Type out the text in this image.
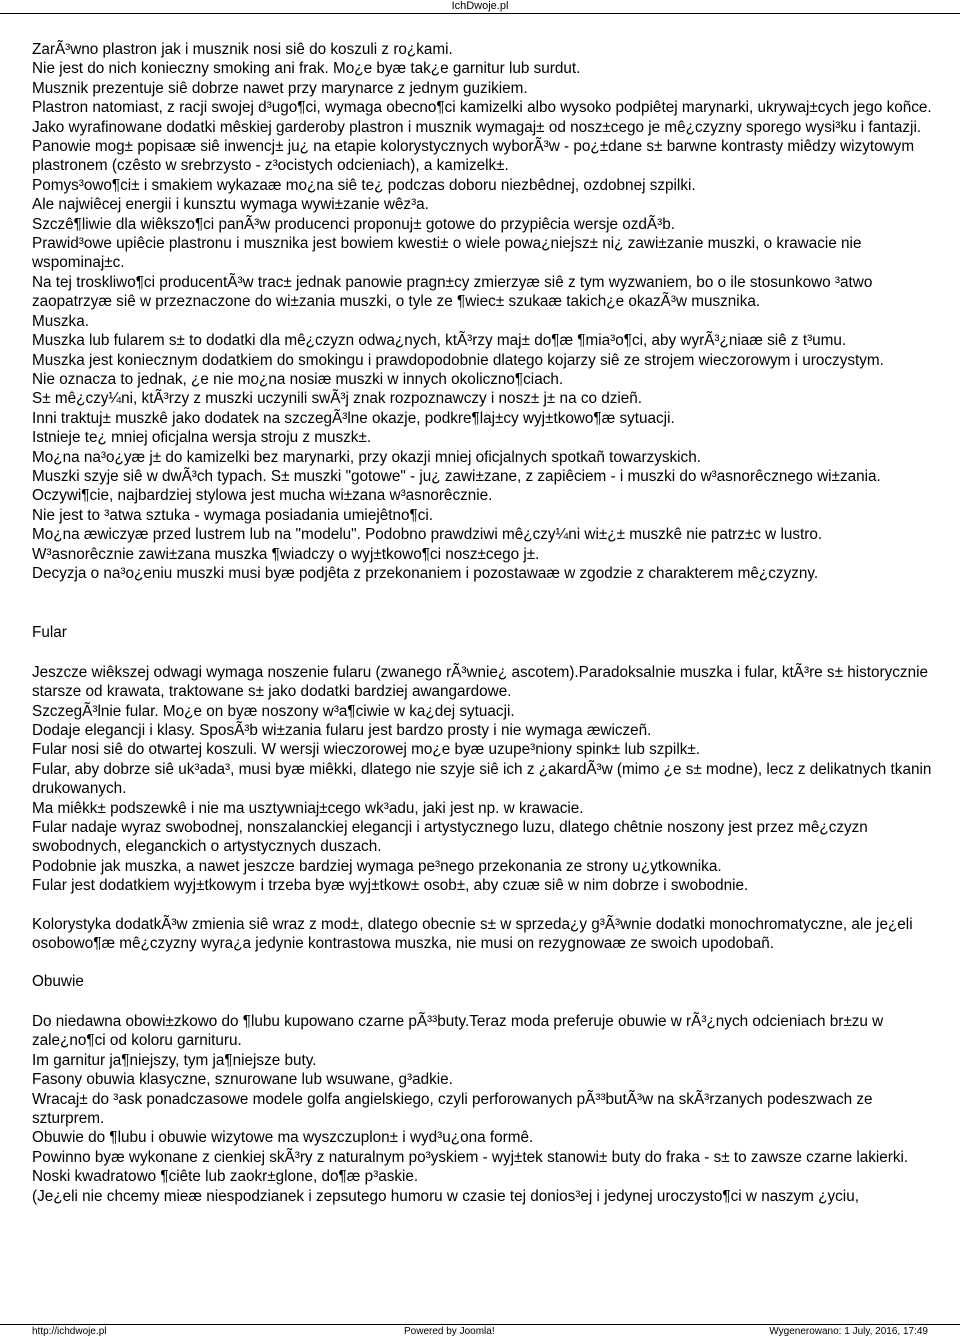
IchDwoje.pl

ZarÃ³wno plastron jak i musznik nosi siê do koszuli z ro¿kami.

Nie jest do nich konieczny smoking ani frak. Mo¿e byæ tak¿e garnitur lub surdut.

Musznik prezentuje siê dobrze nawet przy marynarce z jednym guzikiem.

Plastron natomiast, z racji swojej d³ugo¶ci, wymaga obecno¶ci kamizelki albo wysoko podpiêtej marynarki, ukrywaj±cych jego koñce.

Jako wyrafinowane dodatki mêskiej garderoby plastron i musznik wymagaj± od nosz±cego je mê¿czyzny sporego wysi³ku i fantazji.

Panowie mog± popisaæ siê inwencj± ju¿ na etapie kolorystycznych wyborÃ³w - po¿±dane s± barwne kontrasty miêdzy wizytowym plastronem (czêsto w srebrzysto - z³ocistych odcieniach), a kamizelk±.

Pomys³owo¶ci± i smakiem wykazaæ mo¿na siê te¿ podczas doboru niezbêdnej, ozdobnej szpilki.

Ale najwiêcej energii i kunsztu wymaga wywi±zanie wêz³a.

Szczê¶liwie dla wiêkszo¶ci panÃ³w producenci proponuj± gotowe do przypiêcia wersje ozdÃ³b.

Prawid³owe upiêcie plastronu i musznika jest bowiem kwesti± o wiele powa¿niejsz± ni¿ zawi±zanie muszki, o krawacie nie wspominaj±c.

Na tej troskliwo¶ci producentÃ³w trac± jednak panowie pragn±cy zmierzyæ siê z tym wyzwaniem, bo o ile stosunkowo ³atwo zaopatrzyæ siê w przeznaczone do wi±zania muszki, o tyle ze ¶wiec± szukaæ takich¿e okazÃ³w musznika.

Muszka.

Muszka lub fularem s± to dodatki dla mê¿czyzn odwa¿nych, ktÃ³rzy maj± do¶æ ¶mia³o¶ci, aby wyrÃ³¿niaæ siê z t³umu.

Muszka jest koniecznym dodatkiem do smokingu i prawdopodobnie dlatego kojarzy siê ze strojem wieczorowym i uroczystym.

Nie oznacza to jednak, ¿e nie mo¿na nosiæ muszki w innych okoliczno¶ciach.

S± mê¿czy¼ni, ktÃ³rzy z muszki uczynili swÃ³j znak rozpoznawczy i nosz± j± na co dzieñ.

Inni traktuj± muszkê jako dodatek na szczegÃ³lne okazje, podkre¶laj±cy wyj±tkowo¶æ sytuacji.

Istnieje te¿ mniej oficjalna wersja stroju z muszk±.

Mo¿na na³o¿yæ j± do kamizelki bez marynarki, przy okazji mniej oficjalnych spotkañ towarzyskich.

Muszki szyje siê w dwÃ³ch typach. S± muszki "gotowe" - ju¿ zawi±zane, z zapiêciem - i muszki do w³asnorêcznego wi±zania. Oczywi¶cie, najbardziej stylowa jest mucha wi±zana w³asnorêcznie.

Nie jest to ³atwa sztuka - wymaga posiadania umiejêtno¶ci.

Mo¿na æwiczyæ przed lustrem lub na "modelu". Podobno prawdziwi mê¿czy¼ni wi±¿± muszkê nie patrz±c w lustro.

W³asnorêcznie zawi±zana muszka ¶wiadczy o wyj±tkowo¶ci nosz±cego j±.

Decyzja o na³o¿eniu muszki musi byæ podjêta z przekonaniem i pozostawaæ w zgodzie z charakterem mê¿czyzny.

Fular

Jeszcze wiêkszej odwagi wymaga noszenie fularu (zwanego rÃ³wnie¿ ascotem).Paradoksalnie muszka i fular, ktÃ³re s± historycznie starsze od krawata, traktowane s± jako dodatki bardziej awangardowe.

SzczegÃ³lnie fular. Mo¿e on byæ noszony w³a¶ciwie w ka¿dej sytuacji.

Dodaje elegancji i klasy. SposÃ³b wi±zania fularu jest bardzo prosty i nie wymaga æwiczeñ.

Fular nosi siê do otwartej koszuli. W wersji wieczorowej mo¿e byæ uzupe³niony spink± lub szpilk±.

Fular, aby dobrze siê uk³ada³, musi byæ miêkki, dlatego nie szyje siê ich z ¿akardÃ³w (mimo ¿e s± modne), lecz z delikatnych tkanin drukowanych.

Ma miêkk± podszewkê i nie ma usztywniaj±cego wk³adu, jaki jest np. w krawacie.

Fular nadaje wyraz swobodnej, nonszalanckiej elegancji i artystycznego luzu, dlatego chêtnie noszony jest przez mê¿czyzn swobodnych, eleganckich o artystycznych duszach.

Podobnie jak muszka, a nawet jeszcze bardziej wymaga pe³nego przekonania ze strony u¿ytkownika.

Fular jest dodatkiem wyj±tkowym i trzeba byæ wyj±tkow± osob±, aby czuæ siê w nim dobrze i swobodnie.

Kolorystyka dodatkÃ³w zmienia siê wraz z mod±, dlatego obecnie s± w sprzeda¿y g³Ã³wnie dodatki monochromatyczne, ale je¿eli osobowo¶æ mê¿czyzny wyra¿a jedynie kontrastowa muszka, nie musi on rezygnowaæ ze swoich upodobañ.

Obuwie

Do niedawna obowi±zkowo do ¶lubu kupowano czarne pÃ³³buty.Teraz moda preferuje obuwie w rÃ³¿nych odcieniach br±zu w zale¿no¶ci od koloru garnituru.

Im garnitur ja¶niejszy, tym ja¶niejsze buty.

Fasony obuwia klasyczne, sznurowane lub wsuwane, g³adkie.

Wracaj± do ³ask ponadczasowe modele golfa angielskiego, czyli perforowanych pÃ³³butÃ³w na skÃ³rzanych podeszwach ze szturprem.

Obuwie do ¶lubu i obuwie wizytowe ma wyszczuplon± i wyd³u¿ona formê.

Powinno byæ wykonane z cienkiej skÃ³ry z naturalnym po³yskiem - wyj±tek stanowi± buty do fraka - s± to zawsze czarne lakierki.

Noski kwadratowo ¶ciête lub zaokr±glone, do¶æ p³askie.

(Je¿eli nie chcemy mieæ niespodzianek i zepsutego humoru w czasie tej donios³ej i jedynej uroczysto¶ci w naszym ¿yciu,

http://ichdwoje.pl	Powered by Joomla!	Wygenerowano: 1 July, 2016, 17:49
